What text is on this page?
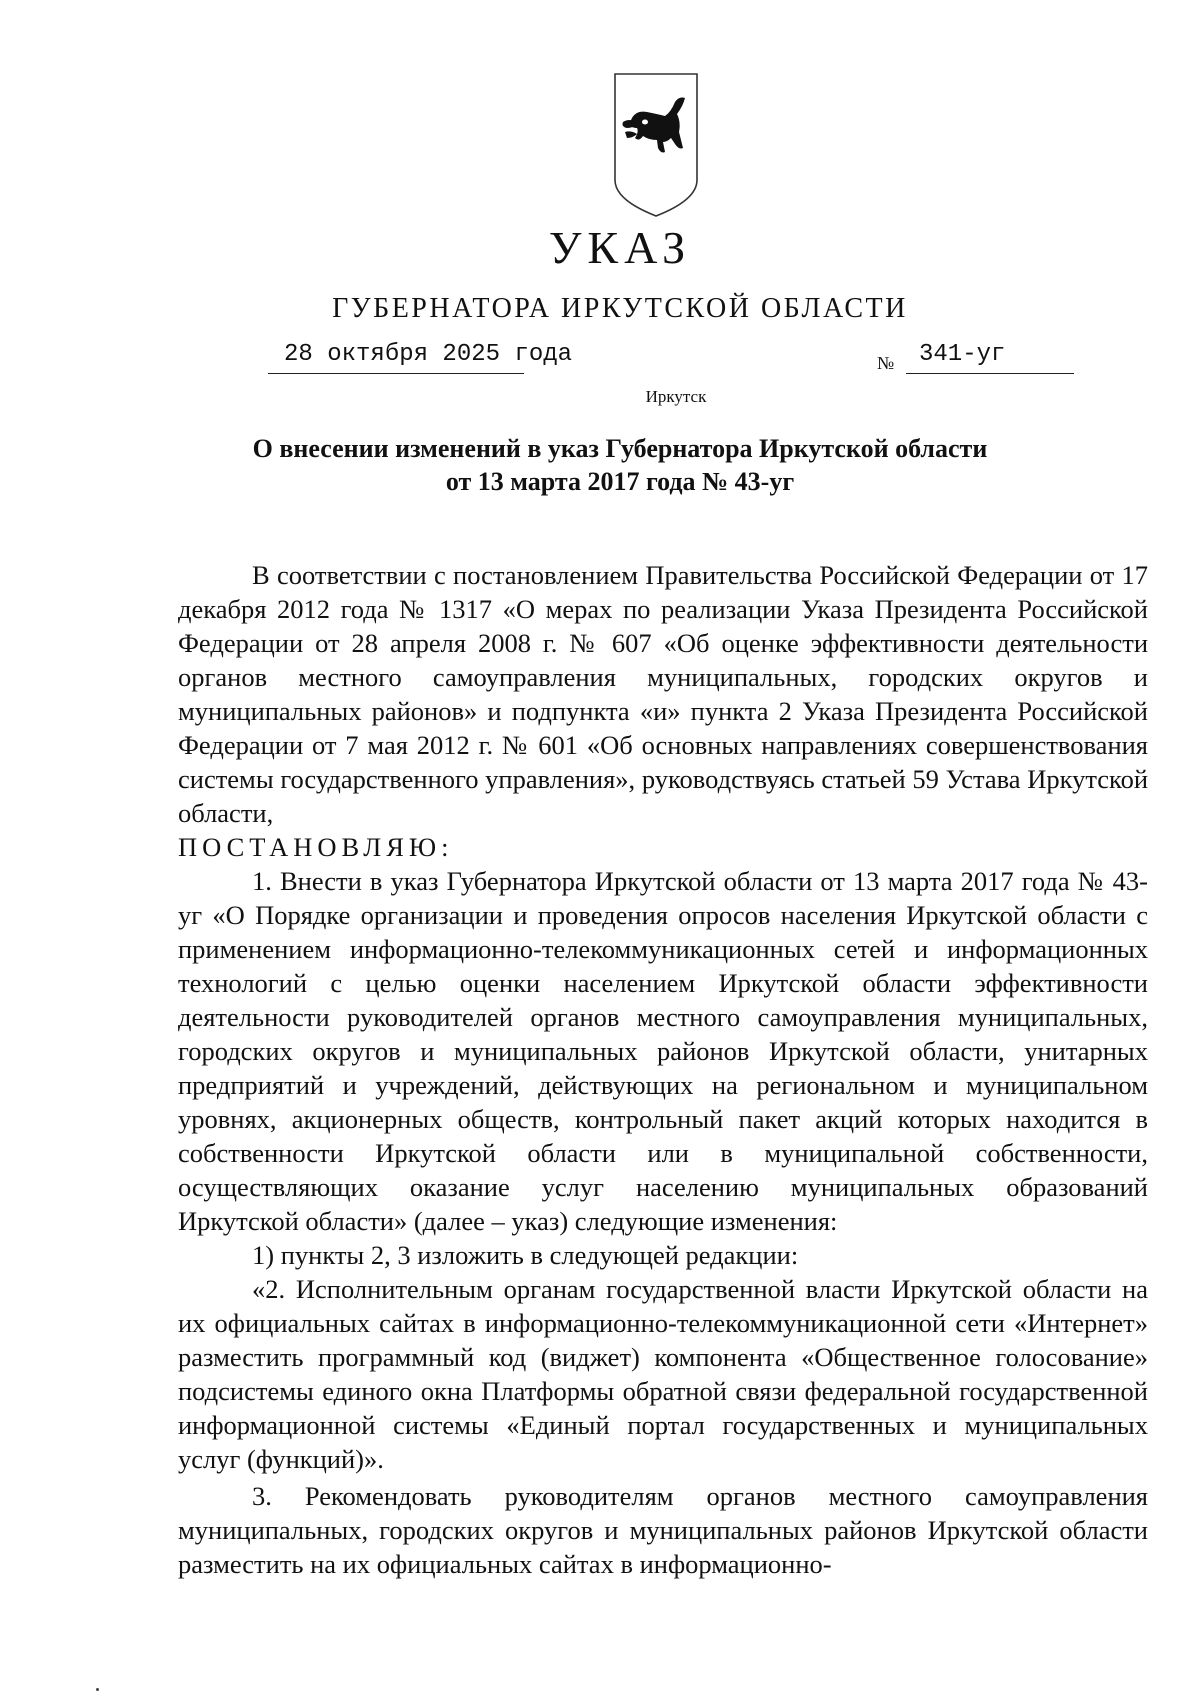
УКАЗ
ГУБЕРНАТОРА ИРКУТСКОЙ ОБЛАСТИ
28 октября 2025 года	№ 341-уг
Иркутск
О внесении изменений в указ Губернатора Иркутской области
от 13 марта 2017 года № 43-уг

В соответствии с постановлением Правительства Российской Федерации от 17 декабря 2012 года № 1317 «О мерах по реализации Указа Президента Российской Федерации от 28 апреля 2008 г. № 607 «Об оценке эффективности деятельности органов местного самоуправления муниципальных, городских округов и муниципальных районов» и подпункта «и» пункта 2 Указа Президента Российской Федерации от 7 мая 2012 г. № 601 «Об основных направлениях совершенствования системы государственного управления», руководствуясь статьей 59 Устава Иркутской области,

ПОСТАНОВЛЯЮ:

1. Внести в указ Губернатора Иркутской области от 13 марта 2017 года № 43-уг «О Порядке организации и проведения опросов населения Иркутской области с применением информационно-телекоммуникационных сетей и информационных технологий с целью оценки населением Иркутской области эффективности деятельности руководителей органов местного самоуправления муниципальных, городских округов и муниципальных районов Иркутской области, унитарных предприятий и учреждений, действующих на региональном и муниципальном уровнях, акционерных обществ, контрольный пакет акций которых находится в собственности Иркутской области или в муниципальной собственности, осуществляющих оказание услуг населению муниципальных образований Иркутской области» (далее – указ) следующие изменения:

1) пункты 2, 3 изложить в следующей редакции:

«2. Исполнительным органам государственной власти Иркутской области на их официальных сайтах в информационно-телекоммуникационной сети «Интернет» разместить программный код (виджет) компонента «Общественное голосование» подсистемы единого окна Платформы обратной связи федеральной государственной информационной системы «Единый портал государственных и муниципальных услуг (функций)».

3. Рекомендовать руководителям органов местного самоуправления муниципальных, городских округов и муниципальных районов Иркутской области разместить на их официальных сайтах в информационно-
